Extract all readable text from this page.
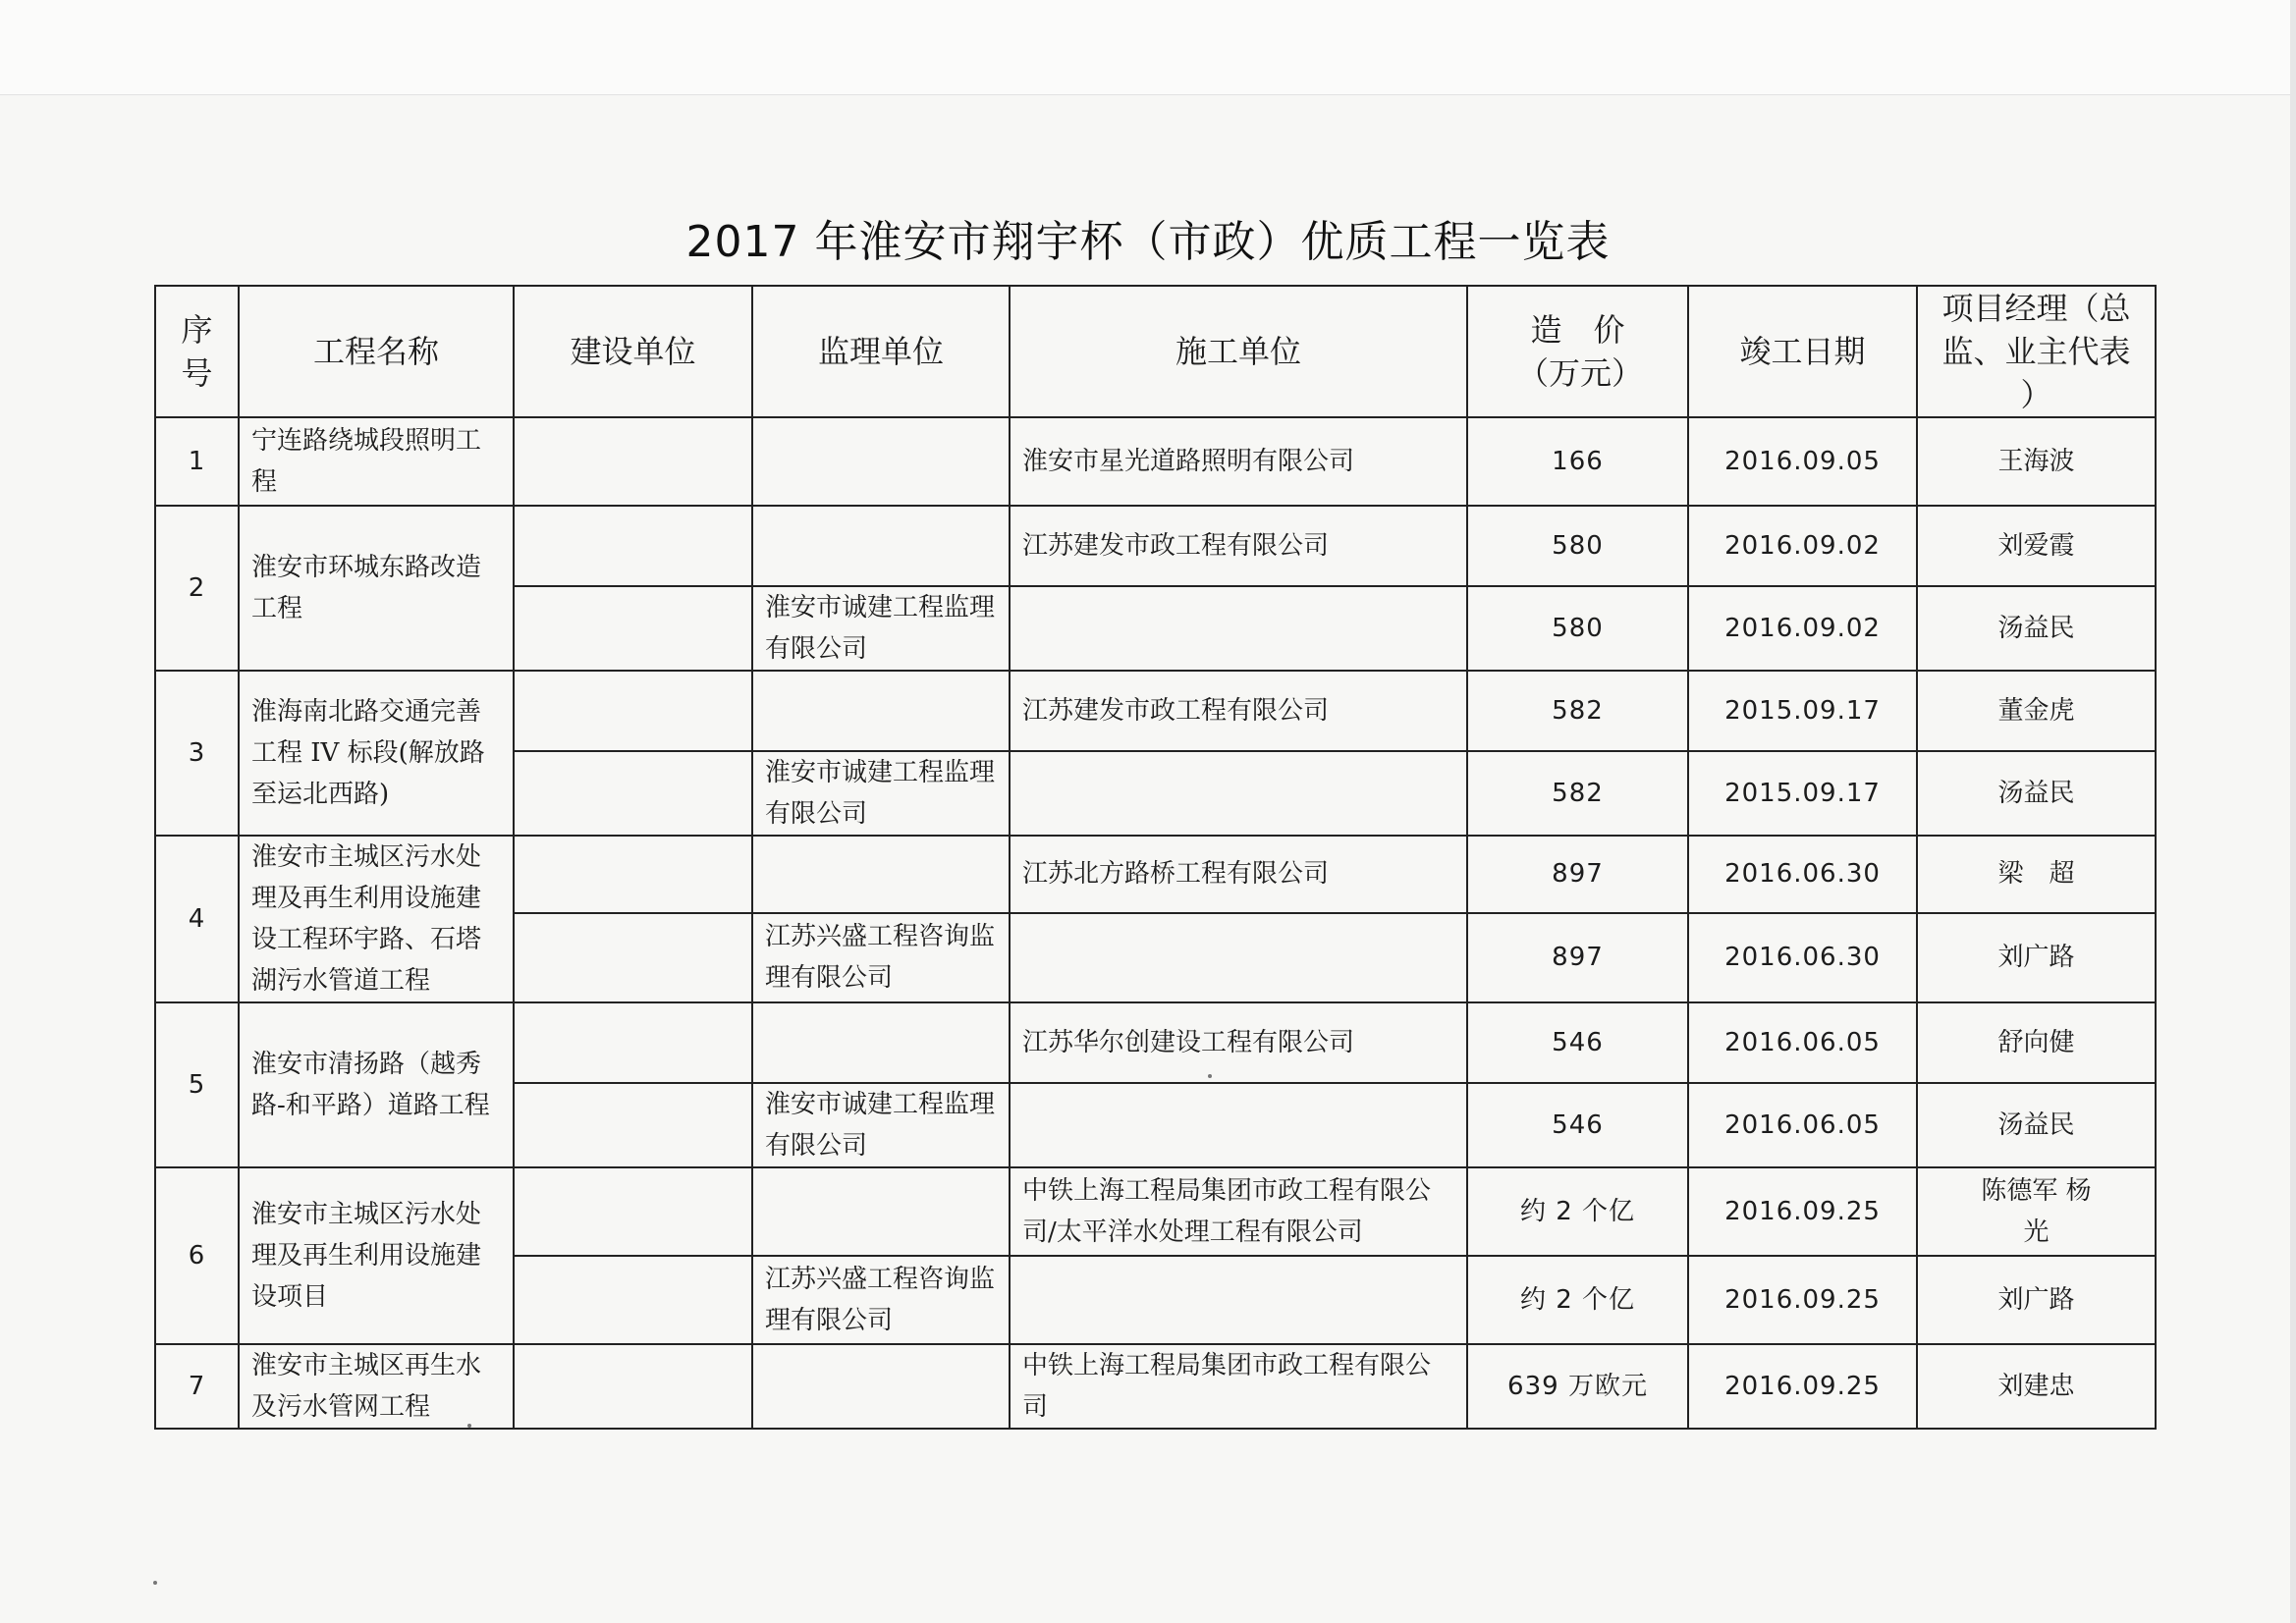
2017 年淮安市翔宇杯（市政）优质工程一览表
序号	工程名称	建设单位	监理单位	施工单位	造　价（万元）	竣工日期	项目经理（总监、业主代表 ）
1	宁连路绕城段照明工程			淮安市星光道路照明有限公司	166	2016.09.05	王海波
2	淮安市环城东路改造工程			江苏建发市政工程有限公司	580	2016.09.02	刘爱霞
			淮安市诚建工程监理有限公司		580	2016.09.02	汤益民
3	淮海南北路交通完善工程 IV 标段(解放路至运北西路)			江苏建发市政工程有限公司	582	2015.09.17	董金虎
			淮安市诚建工程监理有限公司		582	2015.09.17	汤益民
4	淮安市主城区污水处理及再生利用设施建设工程环宇路、石塔湖污水管道工程			江苏北方路桥工程有限公司	897	2016.06.30	梁　超
			江苏兴盛工程咨询监理有限公司		897	2016.06.30	刘广路
5	淮安市清扬路（越秀路-和平路）道路工程			江苏华尔创建设工程有限公司	546	2016.06.05	舒向健
			淮安市诚建工程监理有限公司		546	2016.06.05	汤益民
6	淮安市主城区污水处理及再生利用设施建设项目			中铁上海工程局集团市政工程有限公司/太平洋水处理工程有限公司	约 2 个亿	2016.09.25	陈德军 杨　光
			江苏兴盛工程咨询监理有限公司		约 2 个亿	2016.09.25	刘广路
7	淮安市主城区再生水及污水管网工程			中铁上海工程局集团市政工程有限公司	639 万欧元	2016.09.25	刘建忠
